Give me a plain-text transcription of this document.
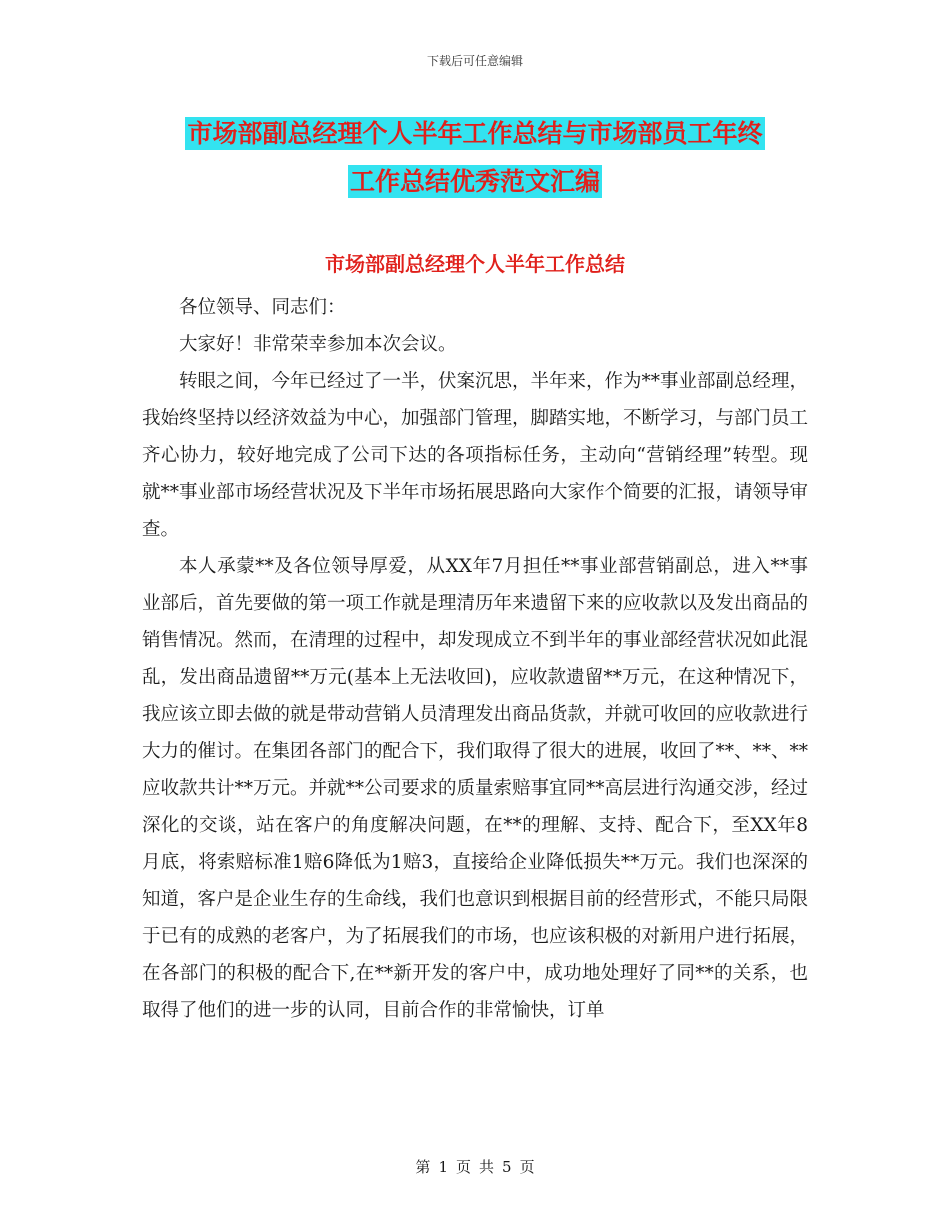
下载后可任意编辑
市场部副总经理个人半年工作总结与市场部员工年终
工作总结优秀范文汇编
市场部副总经理个人半年工作总结

各位领导、同志们：

大家好！非常荣幸参加本次会议。

转眼之间，今年已经过了一半，伏案沉思，半年来，作为**事业部副总经理，我始终坚持以经济效益为中心，加强部门管理，脚踏实地，不断学习，与部门员工齐心协力，较好地完成了公司下达的各项指标任务，主动向“营销经理”转型。现就**事业部市场经营状况及下半年市场拓展思路向大家作个简要的汇报，请领导审查。

本人承蒙**及各位领导厚爱，从XX年7月担任**事业部营销副总，进入**事业部后，首先要做的第一项工作就是理清历年来遗留下来的应收款以及发出商品的销售情况。然而，在清理的过程中，却发现成立不到半年的事业部经营状况如此混乱，发出商品遗留**万元(基本上无法收回)，应收款遗留**万元，在这种情况下，我应该立即去做的就是带动营销人员清理发出商品货款，并就可收回的应收款进行大力的催讨。在集团各部门的配合下，我们取得了很大的进展，收回了**、**、**应收款共计**万元。并就**公司要求的质量索赔事宜同**高层进行沟通交涉，经过深化的交谈，站在客户的角度解决问题，在**的理解、支持、配合下，至XX年8月底，将索赔标准1赔6降低为1赔3，直接给企业降低损失**万元。我们也深深的知道，客户是企业生存的生命线，我们也意识到根据目前的经营形式，不能只局限于已有的成熟的老客户，为了拓展我们的市场，也应该积极的对新用户进行拓展，在各部门的积极的配合下,在**新开发的客户中，成功地处理好了同**的关系，也取得了他们的进一步的认同，目前合作的非常愉快，订单

第 1 页 共 5 页
